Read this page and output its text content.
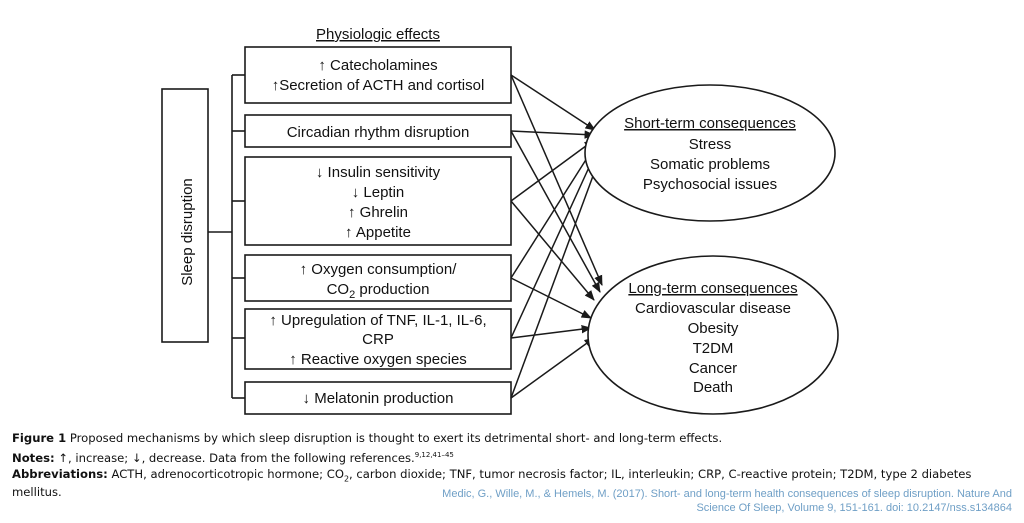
Physiologic effects
Sleep disruption
↑ Catecholamines
↑Secretion of ACTH and cortisol
Circadian rhythm disruption
↓ Insulin sensitivity
↓ Leptin
↑ Ghrelin
↑ Appetite
↑ Oxygen consumption/
$CO_2$ production
↑ Upregulation of TNF, IL-1, IL-6,
CRP
↑ Reactive oxygen species
↓ Melatonin production
Short-term consequences
Stress
Somatic problems
Psychosocial issues
Long-term consequences
Cardiovascular disease
Obesity
T2DM
Cancer
Death
Figure 1 Proposed mechanisms by which sleep disruption is thought to exert its detrimental short- and long-term effects.
Notes: ↑, increase; ↓, decrease. Data from the following references.$^{9,12,41-45}$
Abbreviations: ACTH, adrenocorticotropic hormone; $CO_2$, carbon dioxide; TNF, tumor necrosis factor; IL, interleukin; CRP, C-reactive protein; T2DM, type 2 diabetes
mellitus.	Medic, G., Wille, M., & Hemels, M. (2017). Short- and long-term health consequences of sleep disruption. Nature And
Science Of Sleep, Volume 9, 151-161. doi: 10.2147/nss.s134864
